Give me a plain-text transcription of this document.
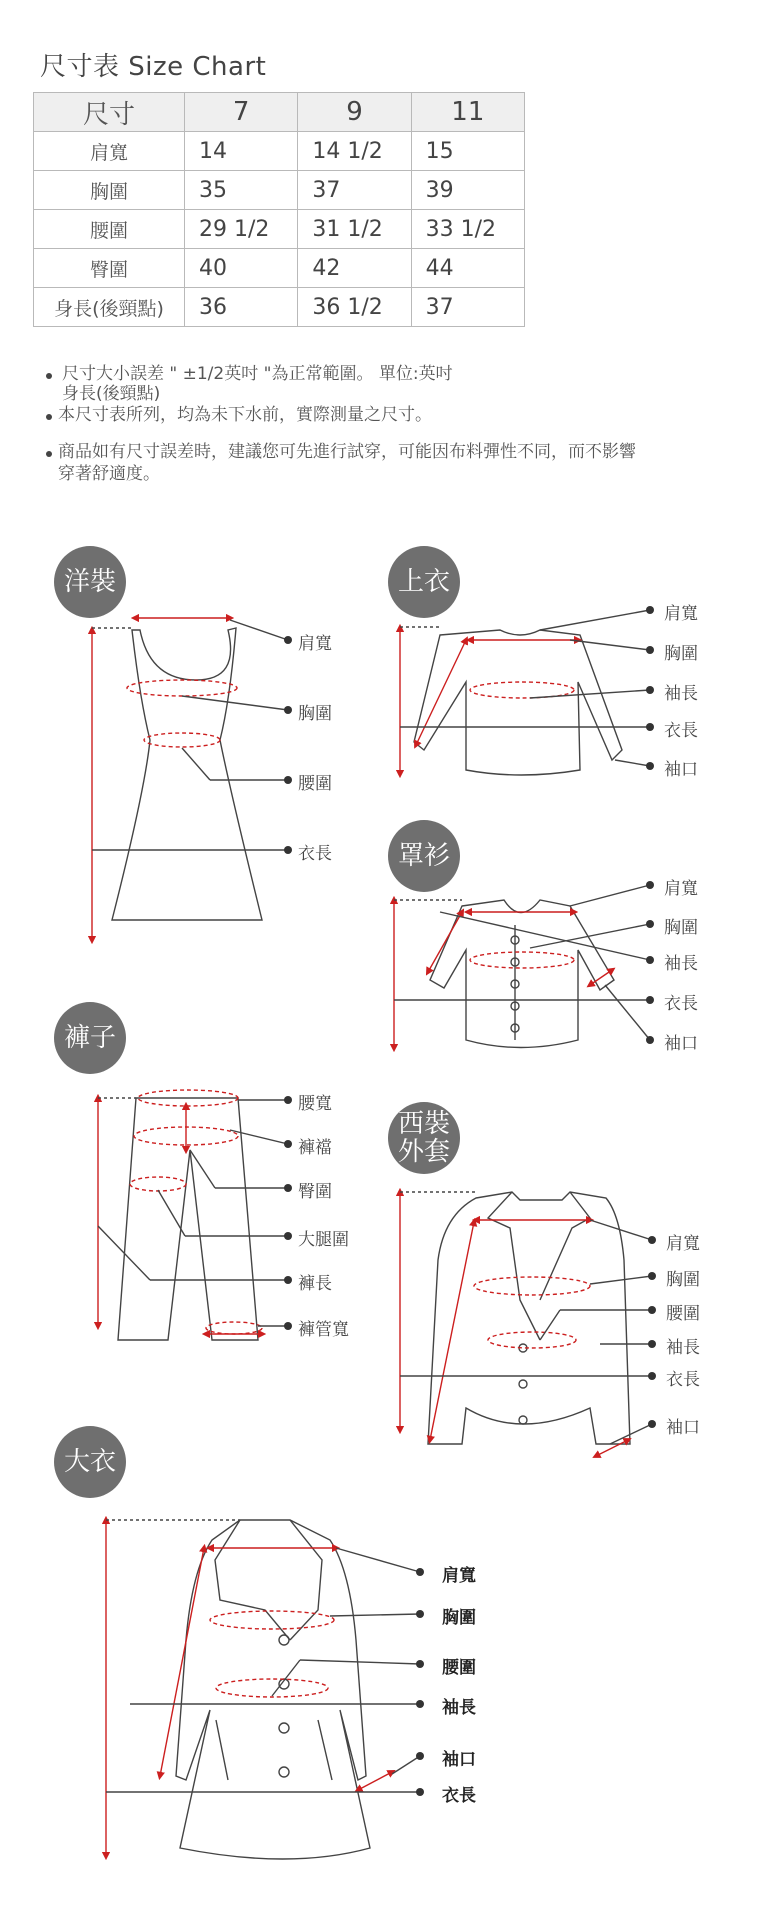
尺寸表 Size Chart
尺寸	7	9	11
肩寬	14	14 1/2	15
胸圍	35	37	39
腰圍	29 1/2	31 1/2	33 1/2
臀圍	40	42	44
身長(後頸點)	36	36 1/2	37
尺寸大小誤差 " ±1/2英吋 "為正常範圍。 單位:英吋
身長(後頸點)
本尺寸表所列，均為未下水前，實際測量之尺寸。
商品如有尺寸誤差時，建議您可先進行試穿，可能因布料彈性不同，而不影響
穿著舒適度。
洋裝	上衣
罩衫
褲子
西裝
外套
大衣
肩寬
胸圍
腰圍
衣長
肩寬
胸圍
袖長
衣長
袖口
肩寬
胸圍
袖長
衣長
袖口
腰寬
褲襠
臀圍
大腿圍
褲長
褲管寬
肩寬
胸圍
腰圍
袖長
衣長
袖口
肩寬
胸圍
腰圍
袖長
袖口
衣長
